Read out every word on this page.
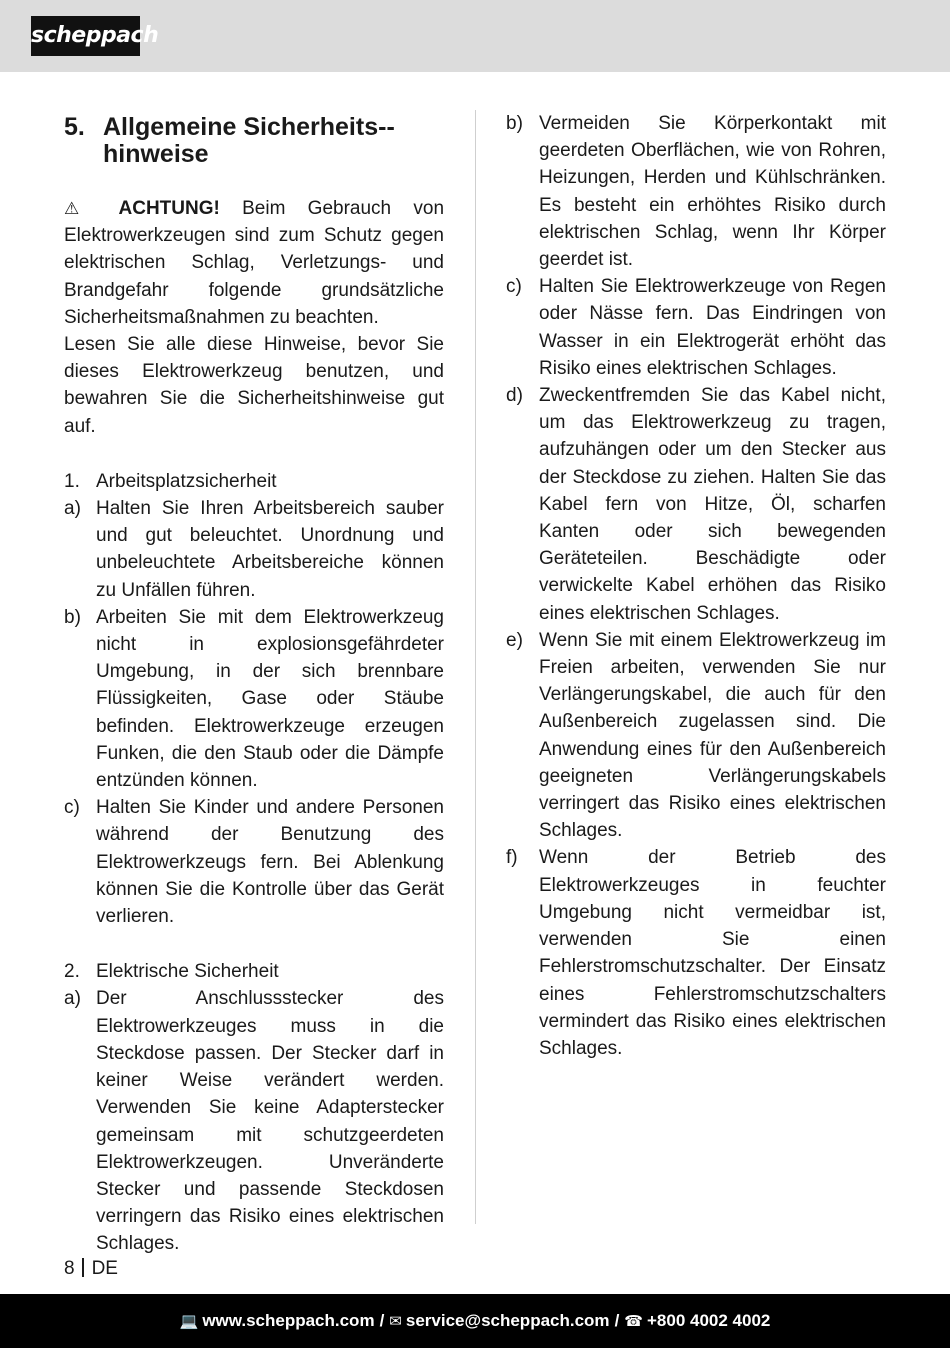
scheppach
5. Allgemeine Sicherheits-hinweise

⚠ ACHTUNG! Beim Gebrauch von Elektrowerkzeugen sind zum Schutz gegen elektrischen Schlag, Verletzungs- und Brandgefahr folgende grundsätzliche Sicherheitsmaßnahmen zu beachten.

Lesen Sie alle diese Hinweise, bevor Sie dieses Elektrowerkzeug benutzen, und bewahren Sie die Sicherheitshinweise gut auf.

1. Arbeitsplatzsicherheit
a) Halten Sie Ihren Arbeitsbereich sauber und gut beleuchtet. Unordnung und unbeleuchtete Arbeitsbereiche können zu Unfällen führen.
b) Arbeiten Sie mit dem Elektrowerkzeug nicht in explosionsgefährdeter Umgebung, in der sich brennbare Flüssigkeiten, Gase oder Stäube befinden. Elektrowerkzeuge erzeugen Funken, die den Staub oder die Dämpfe entzünden können.
c) Halten Sie Kinder und andere Personen während der Benutzung des Elektrowerkzeugs fern. Bei Ablenkung können Sie die Kontrolle über das Gerät verlieren.
2. Elektrische Sicherheit
a) Der Anschlussstecker des Elektrowerkzeuges muss in die Steckdose passen. Der Stecker darf in keiner Weise verändert werden. Verwenden Sie keine Adapterstecker gemeinsam mit schutzgeerdeten Elektrowerkzeugen. Unveränderte Stecker und passende Steckdosen verringern das Risiko eines elektrischen Schlages.
b) Vermeiden Sie Körperkontakt mit geerdeten Oberflächen, wie von Rohren, Heizungen, Herden und Kühlschränken. Es besteht ein erhöhtes Risiko durch elektrischen Schlag, wenn Ihr Körper geerdet ist.
c) Halten Sie Elektrowerkzeuge von Regen oder Nässe fern. Das Eindringen von Wasser in ein Elektrogerät erhöht das Risiko eines elektrischen Schlages.
d) Zweckentfremden Sie das Kabel nicht, um das Elektrowerkzeug zu tragen, aufzuhängen oder um den Stecker aus der Steckdose zu ziehen. Halten Sie das Kabel fern von Hitze, Öl, scharfen Kanten oder sich bewegenden Geräteteilen. Beschädigte oder verwickelte Kabel erhöhen das Risiko eines elektrischen Schlages.
e) Wenn Sie mit einem Elektrowerkzeug im Freien arbeiten, verwenden Sie nur Verlängerungskabel, die auch für den Außenbereich zugelassen sind. Die Anwendung eines für den Außenbereich geeigneten Verlängerungskabels verringert das Risiko eines elektrischen Schlages.
f)	Wenn der Betrieb des Elektrowerkzeuges in feuchter Umgebung nicht vermeidbar ist, verwenden Sie einen Fehlerstromschutzschalter. Der Einsatz eines Fehlerstromschutzschalters vermindert das Risiko eines elektrischen Schlages.
8 DE
💻 www.scheppach.com / ✉ service@scheppach.com / ☎ +800 4002 4002
